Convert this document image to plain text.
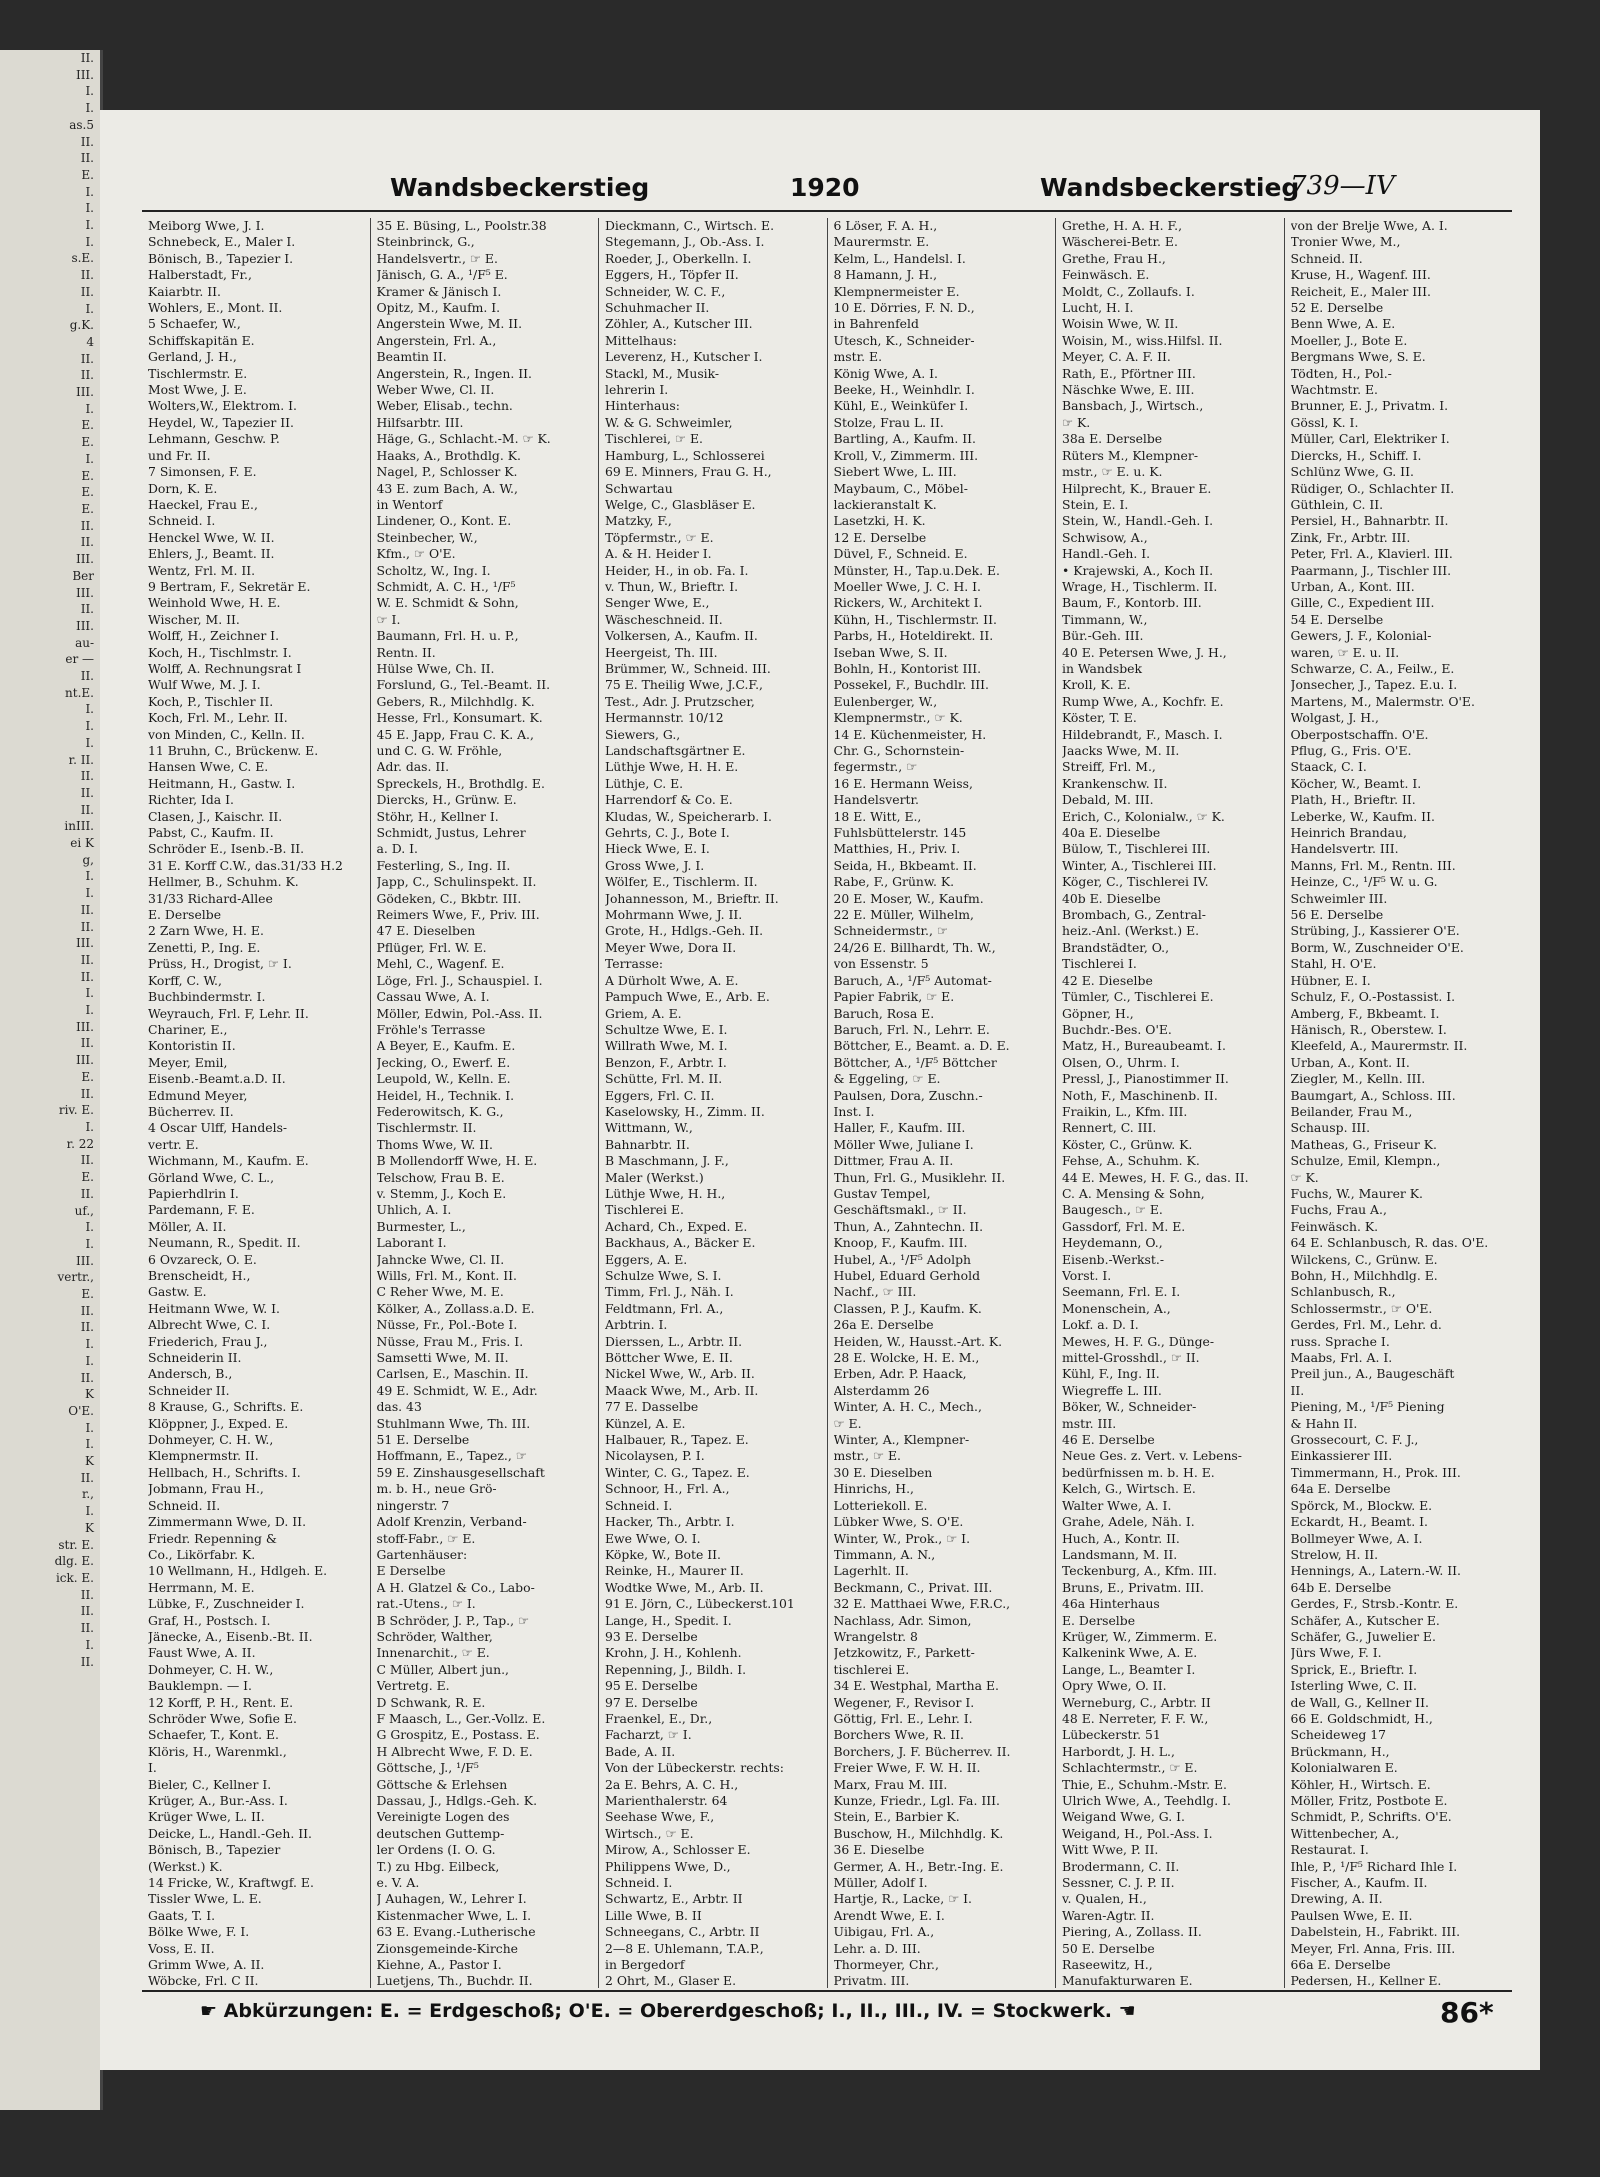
II.
III.
I.
I.
as.5
II.
II.
E.
I.
I.
I.
I.
s.E.
II.
II.
I.
g.K.
4
II.
II.
III.
I.
E.
E.
I.
E.
E.
E.
II.
II.
III.
Ber
III.
II.
III.
au-
er —
II.
nt.E.
I.
I.
I.
r. II.
II.
II.
II.
inIII.
ei K
g,
I.
I.
II.
II.
III.
II.
II.
I.
I.
III.
II.
III.
E.
II.
riv. E.
I.
r. 22
II.
E.
II.
uf.,
I.
I.
III.
vertr.,
E.
II.
II.
I.
I.
II.
K
O'E.
I.
I.
K
II.
r.,
I.
K
str. E.
dlg. E.
ick. E.
II.
II.
II.
I.
II.
Wandsbeckerstieg	1920	Wandsbeckerstieg
739—IV
Meiborg Wwe, J. I.
Schnebeck, E., Maler I.
Bönisch, B., Tapezier I.
Halberstadt, Fr.,
Kaiarbtr. II.
Wohlers, E., Mont. II.
5 Schaefer, W.,
Schiffskapitän E.
Gerland, J. H.,
Tischlermstr. E.
Most Wwe, J. E.
Wolters,W., Elektrom. I.
Heydel, W., Tapezier II.
Lehmann, Geschw. P.
und Fr. II.
7 Simonsen, F. E.
Dorn, K. E.
Haeckel, Frau E.,
Schneid. I.
Henckel Wwe, W. II.
Ehlers, J., Beamt. II.
Wentz, Frl. M. II.
9 Bertram, F., Sekretär E.
Weinhold Wwe, H. E.
Wischer, M. II.
Wolff, H., Zeichner I.
Koch, H., Tischlmstr. I.
Wolff, A. Rechnungsrat I
Wulf Wwe, M. J. I.
Koch, P., Tischler II.
Koch, Frl. M., Lehr. II.
von Minden, C., Kelln. II.
11 Bruhn, C., Brückenw. E.
Hansen Wwe, C. E.
Heitmann, H., Gastw. I.
Richter, Ida I.
Clasen, J., Kaischr. II.
Pabst, C., Kaufm. II.
Schröder E., Isenb.-B. II.
31 E. Korff C.W., das.31/33 H.2
Hellmer, B., Schuhm. K.
31/33 Richard-Allee
E. Derselbe
2 Zarn Wwe, H. E.
Zenetti, P., Ing. E.
Prüss, H., Drogist, ☞ I.
Korff, C. W.,
Buchbindermstr. I.
Weyrauch, Frl. F, Lehr. II.
Chariner, E.,
Kontoristin II.
Meyer, Emil,
Eisenb.-Beamt.a.D. II.
Edmund Meyer,
Bücherrev. II.
4 Oscar Ulff, Handels-
vertr. E.
Wichmann, M., Kaufm. E.
Görland Wwe, C. L.,
Papierhdlrin I.
Pardemann, F. E.
Möller, A. II.
Neumann, R., Spedit. II.
6 Ovzareck, O. E.
Brenscheidt, H.,
Gastw. E.
Heitmann Wwe, W. I.
Albrecht Wwe, C. I.
Friederich, Frau J.,
Schneiderin II.
Andersch, B.,
Schneider II.
8 Krause, G., Schrifts. E.
Klöppner, J., Exped. E.
Dohmeyer, C. H. W.,
Klempnermstr. II.
Hellbach, H., Schrifts. I.
Jobmann, Frau H.,
Schneid. II.
Zimmermann Wwe, D. II.
Friedr. Repenning &
Co., Likörfabr. K.
10 Wellmann, H., Hdlgeh. E.
Herrmann, M. E.
Lübke, F., Zuschneider I.
Graf, H., Postsch. I.
Jänecke, A., Eisenb.-Bt. II.
Faust Wwe, A. II.
Dohmeyer, C. H. W.,
Bauklempn. — I.
12 Korff, P. H., Rent. E.
Schröder Wwe, Sofie E.
Schaefer, T., Kont. E.
Klöris, H., Warenmkl.,
I.
Bieler, C., Kellner I.
Krüger, A., Bur.-Ass. I.
Krüger Wwe, L. II.
Deicke, L., Handl.-Geh. II.
Bönisch, B., Tapezier
(Werkst.) K.
14 Fricke, W., Kraftwgf. E.
Tissler Wwe, L. E.
Gaats, T. I.
Bölke Wwe, F. I.
Voss, E. II.
Grimm Wwe, A. II.
Wöbcke, Frl. C II.
35 E. Büsing, L., Poolstr.38
Steinbrinck, G.,
Handelsvertr., ☞ E.
Jänisch, G. A., ¹/F⁵ E.
Kramer & Jänisch I.
Opitz, M., Kaufm. I.
Angerstein Wwe, M. II.
Angerstein, Frl. A.,
Beamtin II.
Angerstein, R., Ingen. II.
Weber Wwe, Cl. II.
Weber, Elisab., techn.
Hilfsarbtr. III.
Häge, G., Schlacht.-M. ☞ K.
Haaks, A., Brothdlg. K.
Nagel, P., Schlosser K.
43 E. zum Bach, A. W.,
in Wentorf
Lindener, O., Kont. E.
Steinbecher, W.,
Kfm., ☞ O'E.
Scholtz, W., Ing. I.
Schmidt, A. C. H., ¹/F⁵
W. E. Schmidt & Sohn,
☞ I.
Baumann, Frl. H. u. P.,
Rentn. II.
Hülse Wwe, Ch. II.
Forslund, G., Tel.-Beamt. II.
Gebers, R., Milchhdlg. K.
Hesse, Frl., Konsumart. K.
45 E. Japp, Frau C. K. A.,
und C. G. W. Fröhle,
Adr. das. II.
Spreckels, H., Brothdlg. E.
Diercks, H., Grünw. E.
Stöhr, H., Kellner I.
Schmidt, Justus, Lehrer
a. D. I.
Festerling, S., Ing. II.
Japp, C., Schulinspekt. II.
Gödeken, C., Bkbtr. III.
Reimers Wwe, F., Priv. III.
47 E. Dieselben
Pflüger, Frl. W. E.
Mehl, C., Wagenf. E.
Löge, Frl. J., Schauspiel. I.
Cassau Wwe, A. I.
Möller, Edwin, Pol.-Ass. II.
Fröhle's Terrasse
A Beyer, E., Kaufm. E.
Jecking, O., Ewerf. E.
Leupold, W., Kelln. E.
Heidel, H., Technik. I.
Federowitsch, K. G.,
Tischlermstr. II.
Thoms Wwe, W. II.
B Mollendorff Wwe, H. E.
Telschow, Frau B. E.
v. Stemm, J., Koch E.
Uhlich, A. I.
Burmester, L.,
Laborant I.
Jahncke Wwe, Cl. II.
Wills, Frl. M., Kont. II.
C Reher Wwe, M. E.
Kölker, A., Zollass.a.D. E.
Nüsse, Fr., Pol.-Bote I.
Nüsse, Frau M., Fris. I.
Samsetti Wwe, M. II.
Carlsen, E., Maschin. II.
49 E. Schmidt, W. E., Adr.
das. 43
Stuhlmann Wwe, Th. III.
51 E. Derselbe
Hoffmann, E., Tapez., ☞
59 E. Zinshausgesellschaft
m. b. H., neue Grö-
ningerstr. 7
Adolf Krenzin, Verband-
stoff-Fabr., ☞ E.
Gartenhäuser:
E Derselbe
A H. Glatzel & Co., Labo-
rat.-Utens., ☞ I.
B Schröder, J. P., Tap., ☞
Schröder, Walther,
Innenarchit., ☞ E.
C Müller, Albert jun.,
Vertretg. E.
D Schwank, R. E.
F Maasch, L., Ger.-Vollz. E.
G Grospitz, E., Postass. E.
H Albrecht Wwe, F. D. E.
Göttsche, J., ¹/F⁵
Göttsche & Erlehsen
Dassau, J., Hdlgs.-Geh. K.
Vereinigte Logen des
deutschen Guttemp-
ler Ordens (I. O. G.
T.) zu Hbg. Eilbeck,
e. V. A.
J Auhagen, W., Lehrer I.
Kistenmacher Wwe, L. I.
63 E. Evang.-Lutherische
Zionsgemeinde-Kirche
Kiehne, A., Pastor I.
Luetjens, Th., Buchdr. II.
Dieckmann, C., Wirtsch. E.
Stegemann, J., Ob.-Ass. I.
Roeder, J., Oberkelln. I.
Eggers, H., Töpfer II.
Schneider, W. C. F.,
Schuhmacher II.
Zöhler, A., Kutscher III.
Mittelhaus:
Leverenz, H., Kutscher I.
Stackl, M., Musik-
lehrerin I.
Hinterhaus:
W. & G. Schweimler,
Tischlerei, ☞ E.
Hamburg, L., Schlosserei
69 E. Minners, Frau G. H.,
Schwartau
Welge, C., Glasbläser E.
Matzky, F.,
Töpfermstr., ☞ E.
A. & H. Heider I.
Heider, H., in ob. Fa. I.
v. Thun, W., Brieftr. I.
Senger Wwe, E.,
Wäscheschneid. II.
Volkersen, A., Kaufm. II.
Heergeist, Th. III.
Brümmer, W., Schneid. III.
75 E. Theilig Wwe, J.C.F.,
Test., Adr. J. Prutzscher,
Hermannstr. 10/12
Siewers, G.,
Landschaftsgärtner E.
Lüthje Wwe, H. H. E.
Lüthje, C. E.
Harrendorf & Co. E.
Kludas, W., Speicherarb. I.
Gehrts, C. J., Bote I.
Hieck Wwe, E. I.
Gross Wwe, J. I.
Wölfer, E., Tischlerm. II.
Johannesson, M., Brieftr. II.
Mohrmann Wwe, J. II.
Grote, H., Hdlgs.-Geh. II.
Meyer Wwe, Dora II.
Terrasse:
A Dürholt Wwe, A. E.
Pampuch Wwe, E., Arb. E.
Griem, A. E.
Schultze Wwe, E. I.
Willrath Wwe, M. I.
Benzon, F., Arbtr. I.
Schütte, Frl. M. II.
Eggers, Frl. C. II.
Kaselowsky, H., Zimm. II.
Wittmann, W.,
Bahnarbtr. II.
B Maschmann, J. F.,
Maler (Werkst.)
Lüthje Wwe, H. H.,
Tischlerei E.
Achard, Ch., Exped. E.
Backhaus, A., Bäcker E.
Eggers, A. E.
Schulze Wwe, S. I.
Timm, Frl. J., Näh. I.
Feldtmann, Frl. A.,
Arbtrin. I.
Dierssen, L., Arbtr. II.
Böttcher Wwe, E. II.
Nickel Wwe, W., Arb. II.
Maack Wwe, M., Arb. II.
77 E. Dasselbe
Künzel, A. E.
Halbauer, R., Tapez. E.
Nicolaysen, P. I.
Winter, C. G., Tapez. E.
Schnoor, H., Frl. A.,
Schneid. I.
Hacker, Th., Arbtr. I.
Ewe Wwe, O. I.
Köpke, W., Bote II.
Reinke, H., Maurer II.
Wodtke Wwe, M., Arb. II.
91 E. Jörn, C., Lübeckerst.101
Lange, H., Spedit. I.
93 E. Derselbe
Krohn, J. H., Kohlenh.
Repenning, J., Bildh. I.
95 E. Derselbe
97 E. Derselbe
Fraenkel, E., Dr.,
Facharzt, ☞ I.
Bade, A. II.
Von der Lübeckerstr. rechts:
2a E. Behrs, A. C. H.,
Marienthalerstr. 64
Seehase Wwe, F.,
Wirtsch., ☞ E.
Mirow, A., Schlosser E.
Philippens Wwe, D.,
Schneid. I.
Schwartz, E., Arbtr. II
Lille Wwe, B. II
Schneegans, C., Arbtr. II
2—8 E. Uhlemann, T.A.P.,
in Bergedorf
2 Ohrt, M., Glaser E.
6 Löser, F. A. H.,
Maurermstr. E.
Kelm, L., Handelsl. I.
8 Hamann, J. H.,
Klempnermeister E.
10 E. Dörries, F. N. D.,
in Bahrenfeld
Utesch, K., Schneider-
mstr. E.
König Wwe, A. I.
Beeke, H., Weinhdlr. I.
Kühl, E., Weinküfer I.
Stolze, Frau L. II.
Bartling, A., Kaufm. II.
Kroll, V., Zimmerm. III.
Siebert Wwe, L. III.
Maybaum, C., Möbel-
lackieranstalt K.
Lasetzki, H. K.
12 E. Derselbe
Düvel, F., Schneid. E.
Münster, H., Tap.u.Dek. E.
Moeller Wwe, J. C. H. I.
Rickers, W., Architekt I.
Kühn, H., Tischlermstr. II.
Parbs, H., Hoteldirekt. II.
Iseban Wwe, S. II.
Bohln, H., Kontorist III.
Possekel, F., Buchdlr. III.
Eulenberger, W.,
Klempnermstr., ☞ K.
14 E. Küchenmeister, H.
Chr. G., Schornstein-
fegermstr., ☞
16 E. Hermann Weiss,
Handelsvertr.
18 E. Witt, E.,
Fuhlsbüttelerstr. 145
Matthies, H., Priv. I.
Seida, H., Bkbeamt. II.
Rabe, F., Grünw. K.
20 E. Moser, W., Kaufm.
22 E. Müller, Wilhelm,
Schneidermstr., ☞
24/26 E. Billhardt, Th. W.,
von Essenstr. 5
Baruch, A., ¹/F⁵ Automat-
Papier Fabrik, ☞ E.
Baruch, Rosa E.
Baruch, Frl. N., Lehrr. E.
Böttcher, E., Beamt. a. D. E.
Böttcher, A., ¹/F⁵ Böttcher
& Eggeling, ☞ E.
Paulsen, Dora, Zuschn.-
Inst. I.
Haller, F., Kaufm. III.
Möller Wwe, Juliane I.
Dittmer, Frau A. II.
Thun, Frl. G., Musiklehr. II.
Gustav Tempel,
Geschäftsmakl., ☞ II.
Thun, A., Zahntechn. II.
Knoop, F., Kaufm. III.
Hubel, A., ¹/F⁵ Adolph
Hubel, Eduard Gerhold
Nachf., ☞ III.
Classen, P. J., Kaufm. K.
26a E. Derselbe
Heiden, W., Hausst.-Art. K.
28 E. Wolcke, H. E. M.,
Erben, Adr. P. Haack,
Alsterdamm 26
Winter, A. H. C., Mech.,
☞ E.
Winter, A., Klempner-
mstr., ☞ E.
30 E. Dieselben
Hinrichs, H.,
Lotteriekoll. E.
Lübker Wwe, S. O'E.
Winter, W., Prok., ☞ I.
Timmann, A. N.,
Lagerhlt. II.
Beckmann, C., Privat. III.
32 E. Matthaei Wwe, F.R.C.,
Nachlass, Adr. Simon,
Wrangelstr. 8
Jetzkowitz, F., Parkett-
tischlerei E.
34 E. Westphal, Martha E.
Wegener, F., Revisor I.
Göttig, Frl. E., Lehr. I.
Borchers Wwe, R. II.
Borchers, J. F. Bücherrev. II.
Freier Wwe, F. W. H. II.
Marx, Frau M. III.
Kunze, Friedr., Lgl. Fa. III.
Stein, E., Barbier K.
Buschow, H., Milchhdlg. K.
36 E. Dieselbe
Germer, A. H., Betr.-Ing. E.
Müller, Adolf I.
Hartje, R., Lacke, ☞ I.
Arendt Wwe, E. I.
Uibigau, Frl. A.,
Lehr. a. D. III.
Thormeyer, Chr.,
Privatm. III.
Grethe, H. A. H. F.,
Wäscherei-Betr. E.
Grethe, Frau H.,
Feinwäsch. E.
Moldt, C., Zollaufs. I.
Lucht, H. I.
Woisin Wwe, W. II.
Woisin, M., wiss.Hilfsl. II.
Meyer, C. A. F. II.
Rath, E., Pförtner III.
Näschke Wwe, E. III.
Bansbach, J., Wirtsch.,
☞ K.
38a E. Derselbe
Rüters M., Klempner-
mstr., ☞ E. u. K.
Hilprecht, K., Brauer E.
Stein, E. I.
Stein, W., Handl.-Geh. I.
Schwisow, A.,
Handl.-Geh. I.
• Krajewski, A., Koch II.
Wrage, H., Tischlerm. II.
Baum, F., Kontorb. III.
Timmann, W.,
Bür.-Geh. III.
40 E. Petersen Wwe, J. H.,
in Wandsbek
Kroll, K. E.
Rump Wwe, A., Kochfr. E.
Köster, T. E.
Hildebrandt, F., Masch. I.
Jaacks Wwe, M. II.
Streiff, Frl. M.,
Krankenschw. II.
Debald, M. III.
Erich, C., Kolonialw., ☞ K.
40a E. Dieselbe
Bülow, T., Tischlerei III.
Winter, A., Tischlerei III.
Köger, C., Tischlerei IV.
40b E. Dieselbe
Brombach, G., Zentral-
heiz.-Anl. (Werkst.) E.
Brandstädter, O.,
Tischlerei I.
42 E. Dieselbe
Tümler, C., Tischlerei E.
Göpner, H.,
Buchdr.-Bes. O'E.
Matz, H., Bureaubeamt. I.
Olsen, O., Uhrm. I.
Pressl, J., Pianostimmer II.
Noth, F., Maschinenb. II.
Fraikin, L., Kfm. III.
Rennert, C. III.
Köster, C., Grünw. K.
Fehse, A., Schuhm. K.
44 E. Mewes, H. F. G., das. II.
C. A. Mensing & Sohn,
Baugesch., ☞ E.
Gassdorf, Frl. M. E.
Heydemann, O.,
Eisenb.-Werkst.-
Vorst. I.
Seemann, Frl. E. I.
Monenschein, A.,
Lokf. a. D. I.
Mewes, H. F. G., Dünge-
mittel-Grosshdl., ☞ II.
Kühl, F., Ing. II.
Wiegreffe L. III.
Böker, W., Schneider-
mstr. III.
46 E. Derselbe
Neue Ges. z. Vert. v. Lebens-
bedürfnissen m. b. H. E.
Kelch, G., Wirtsch. E.
Walter Wwe, A. I.
Grahe, Adele, Näh. I.
Huch, A., Kontr. II.
Landsmann, M. II.
Teckenburg, A., Kfm. III.
Bruns, E., Privatm. III.
46a Hinterhaus
E. Derselbe
Krüger, W., Zimmerm. E.
Kalkenink Wwe, A. E.
Lange, L., Beamter I.
Opry Wwe, O. II.
Werneburg, C., Arbtr. II
48 E. Nerreter, F. F. W.,
Lübeckerstr. 51
Harbordt, J. H. L.,
Schlachtermstr., ☞ E.
Thie, E., Schuhm.-Mstr. E.
Ulrich Wwe, A., Teehdlg. I.
Weigand Wwe, G. I.
Weigand, H., Pol.-Ass. I.
Witt Wwe, P. II.
Brodermann, C. II.
Sessner, C. J. P. II.
v. Qualen, H.,
Waren-Agtr. II.
Piering, A., Zollass. II.
50 E. Derselbe
Raseewitz, H.,
Manufakturwaren E.
von der Brelje Wwe, A. I.
Tronier Wwe, M.,
Schneid. II.
Kruse, H., Wagenf. III.
Reicheit, E., Maler III.
52 E. Derselbe
Benn Wwe, A. E.
Moeller, J., Bote E.
Bergmans Wwe, S. E.
Tödten, H., Pol.-
Wachtmstr. E.
Brunner, E. J., Privatm. I.
Gössl, K. I.
Müller, Carl, Elektriker I.
Diercks, H., Schiff. I.
Schlünz Wwe, G. II.
Rüdiger, O., Schlachter II.
Güthlein, C. II.
Persiel, H., Bahnarbtr. II.
Zink, Fr., Arbtr. III.
Peter, Frl. A., Klavierl. III.
Paarmann, J., Tischler III.
Urban, A., Kont. III.
Gille, C., Expedient III.
54 E. Derselbe
Gewers, J. F., Kolonial-
waren, ☞ E. u. II.
Schwarze, C. A., Feilw., E.
Jonsecher, J., Tapez. E.u. I.
Martens, M., Malermstr. O'E.
Wolgast, J. H.,
Oberpostschaffn. O'E.
Pflug, G., Fris. O'E.
Staack, C. I.
Köcher, W., Beamt. I.
Plath, H., Brieftr. II.
Leberke, W., Kaufm. II.
Heinrich Brandau,
Handelsvertr. III.
Manns, Frl. M., Rentn. III.
Heinze, C., ¹/F⁵ W. u. G.
Schweimler III.
56 E. Derselbe
Strübing, J., Kassierer O'E.
Borm, W., Zuschneider O'E.
Stahl, H. O'E.
Hübner, E. I.
Schulz, F., O.-Postassist. I.
Amberg, F., Bkbeamt. I.
Hänisch, R., Oberstew. I.
Kleefeld, A., Maurermstr. II.
Urban, A., Kont. II.
Ziegler, M., Kelln. III.
Baumgart, A., Schloss. III.
Beilander, Frau M.,
Schausp. III.
Matheas, G., Friseur K.
Schulze, Emil, Klempn.,
☞ K.
Fuchs, W., Maurer K.
Fuchs, Frau A.,
Feinwäsch. K.
64 E. Schlanbusch, R. das. O'E.
Wilckens, C., Grünw. E.
Bohn, H., Milchhdlg. E.
Schlanbusch, R.,
Schlossermstr., ☞ O'E.
Gerdes, Frl. M., Lehr. d.
russ. Sprache I.
Maabs, Frl. A. I.
Preil jun., A., Baugeschäft
II.
Piening, M., ¹/F⁵ Piening
& Hahn II.
Grossecourt, C. F. J.,
Einkassierer III.
Timmermann, H., Prok. III.
64a E. Derselbe
Spörck, M., Blockw. E.
Eckardt, H., Beamt. I.
Bollmeyer Wwe, A. I.
Strelow, H. II.
Hennings, A., Latern.-W. II.
64b E. Derselbe
Gerdes, F., Strsb.-Kontr. E.
Schäfer, A., Kutscher E.
Schäfer, G., Juwelier E.
Jürs Wwe, F. I.
Sprick, E., Brieftr. I.
Isterling Wwe, C. II.
de Wall, G., Kellner II.
66 E. Goldschmidt, H.,
Scheideweg 17
Brückmann, H.,
Kolonialwaren E.
Köhler, H., Wirtsch. E.
Möller, Fritz, Postbote E.
Schmidt, P., Schrifts. O'E.
Wittenbecher, A.,
Restaurat. I.
Ihle, P., ¹/F⁵ Richard Ihle I.
Fischer, A., Kaufm. II.
Drewing, A. II.
Paulsen Wwe, E. II.
Dabelstein, H., Fabrikt. III.
Meyer, Frl. Anna, Fris. III.
66a E. Derselbe
Pedersen, H., Kellner E.
☛ Abkürzungen: E. = Erdgeschoß; O'E. = Obererdgeschoß; I., II., III., IV. = Stockwerk. ☚	86*
